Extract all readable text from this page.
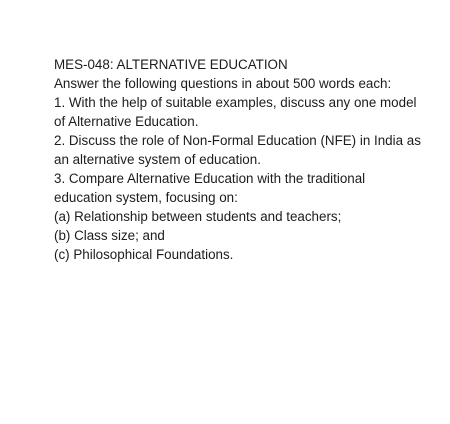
MES-048: ALTERNATIVE EDUCATION

Answer the following questions in about 500 words each:

1. With the help of suitable examples, discuss any one model of Alternative Education.

2. Discuss the role of Non-Formal Education (NFE) in India as an alternative system of education.

3. Compare Alternative Education with the traditional education system, focusing on:

(a) Relationship between students and teachers;

(b) Class size; and

(c) Philosophical Foundations.
